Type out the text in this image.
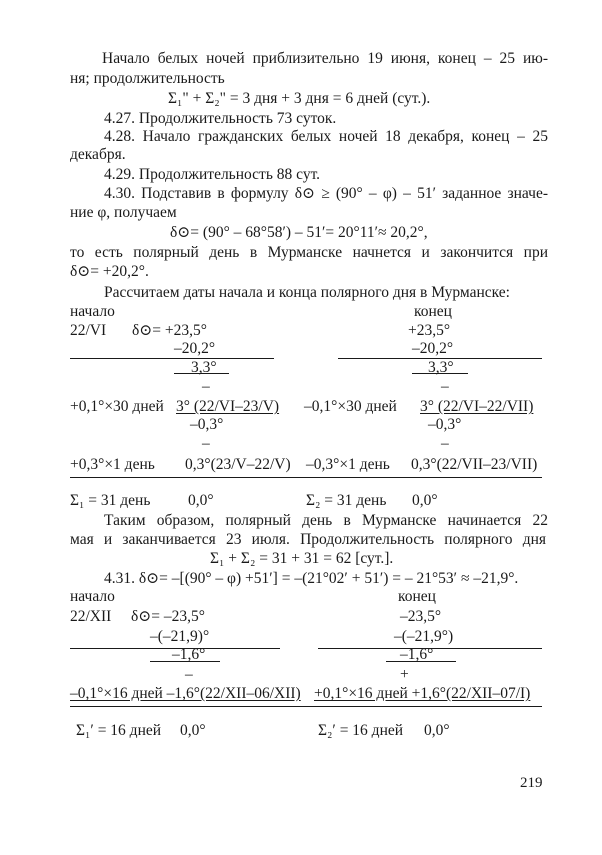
Начало белых ночей приблизительно 19 июня, конец – 25 ию-
ня; продолжительность
Σ₁" + Σ₂" = 3 дня + 3 дня = 6 дней (сут.).
4.27. Продолжительность 73 суток.
4.28. Начало гражданских белых ночей 18 декабря, конец – 25
декабря.
4.29. Продолжительность 88 сут.
4.30. Подставив в формулу δ⊙ ≥ (90° – φ) – 51′ заданное значе-
ние φ, получаем
δ⊙= (90° – 68°58′) – 51′= 20°11′≈ 20,2°,
то есть полярный день в Мурманске начнется и закончится при
δ⊙= +20,2°.
Рассчитаем даты начала и конца полярного дня в Мурманске:
начало	конец
22/VI δ⊙= +23,5°	+23,5°
–20,2°	–20,2°
3,3°	3,3°
–	–
+0,1°×30 дней 3° (22/VI–23/V) –0,1°×30 дней 3° (22/VI–22/VII)
–0,3°	–0,3°
–	–
+0,3°×1 день 0,3°(23/V–22/V) –0,3°×1 день 0,3°(22/VII–23/VII)
Σ₁ = 31 день 0,0°	Σ₂ = 31 день 0,0°
Таким образом, полярный день в Мурманске начинается 22
мая и заканчивается 23 июля. Продолжительность полярного дня
Σ₁ + Σ₂ = 31 + 31 = 62 [сут.].
4.31. δ⊙= –[(90° – φ) +51′] = –(21°02′ + 51′) = – 21°53′ ≈ –21,9°.
начало	конец
22/XII δ⊙= –23,5°	–23,5°
–(–21,9)°	–(–21,9°)
–1,6°	–1,6°
–	+
–0,1°×16 дней –1,6°(22/XII–06/XII) +0,1°×16 дней +1,6°(22/XII–07/I)
Σ₁′ = 16 дней 0,0°	Σ₂′ = 16 дней 0,0°
219
